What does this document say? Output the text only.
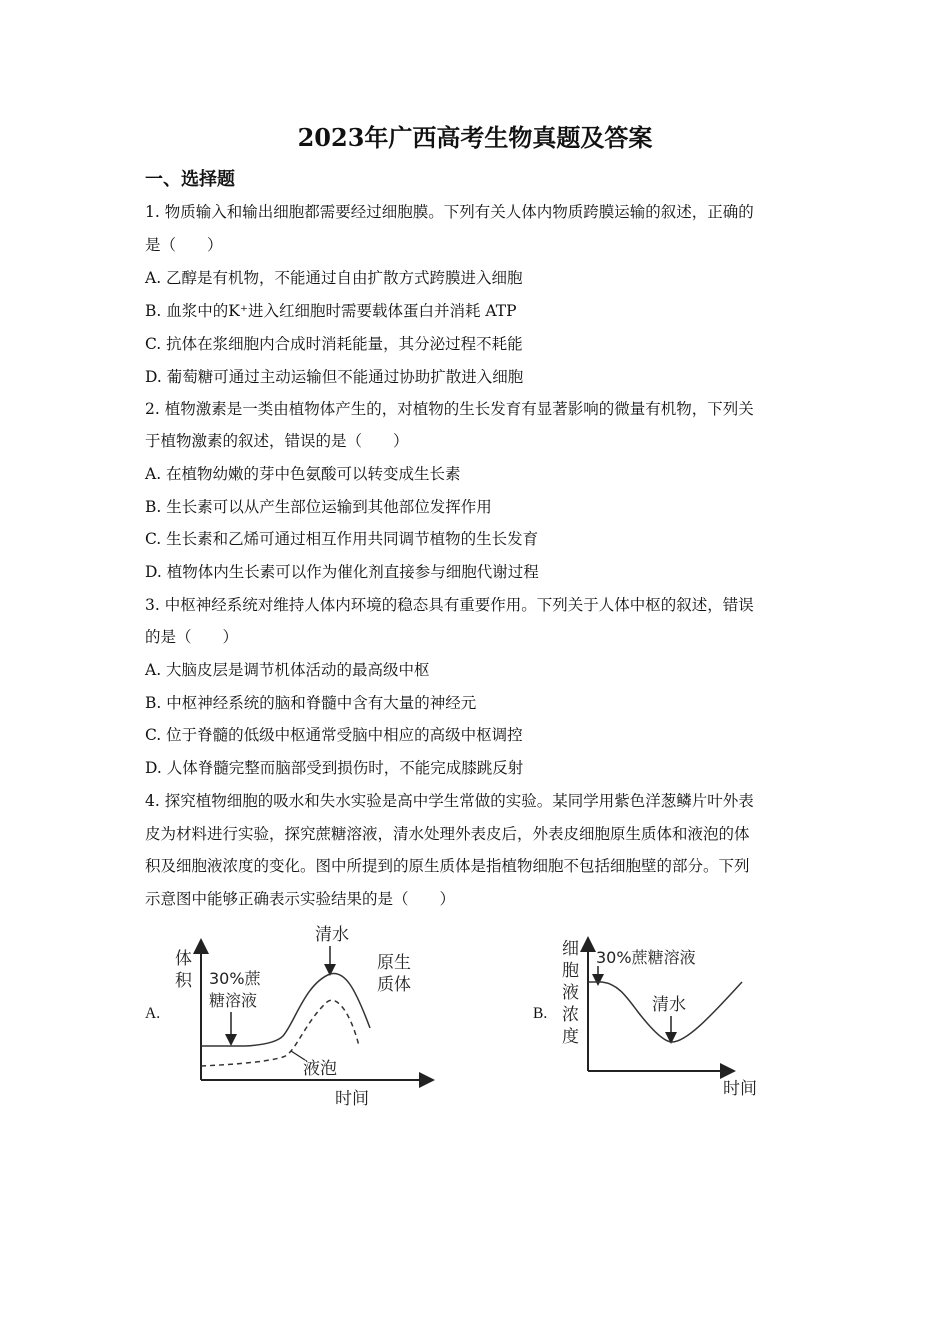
2023年广西高考生物真题及答案
一、选择题

1. 物质输入和输出细胞都需要经过细胞膜。下列有关人体内物质跨膜运输的叙述，正确的

是（　　）

A. 乙醇是有机物，不能通过自由扩散方式跨膜进入细胞

B. 血浆中的K⁺进入红细胞时需要载体蛋白并消耗 ATP

C. 抗体在浆细胞内合成时消耗能量，其分泌过程不耗能

D. 葡萄糖可通过主动运输但不能通过协助扩散进入细胞

2. 植物激素是一类由植物体产生的，对植物的生长发育有显著影响的微量有机物，下列关

于植物激素的叙述，错误的是（　　）

A. 在植物幼嫩的芽中色氨酸可以转变成生长素

B. 生长素可以从产生部位运输到其他部位发挥作用

C. 生长素和乙烯可通过相互作用共同调节植物的生长发育

D. 植物体内生长素可以作为催化剂直接参与细胞代谢过程

3. 中枢神经系统对维持人体内环境的稳态具有重要作用。下列关于人体中枢的叙述，错误

的是（　　）

A. 大脑皮层是调节机体活动的最高级中枢

B. 中枢神经系统的脑和脊髓中含有大量的神经元

C. 位于脊髓的低级中枢通常受脑中相应的高级中枢调控

D. 人体脊髓完整而脑部受到损伤时，不能完成膝跳反射

4. 探究植物细胞的吸水和失水实验是高中学生常做的实验。某同学用紫色洋葱鳞片叶外表

皮为材料进行实验，探究蔗糖溶液，清水处理外表皮后，外表皮细胞原生质体和液泡的体

积及细胞液浓度的变化。图中所提到的原生质体是指植物细胞不包括细胞壁的部分。下列

示意图中能够正确表示实验结果的是（　　）

A.
体
积
时间
30%蔗
糖溶液
清水
原生
质体
液泡
B.
细
胞
液
浓
度
时间
30%蔗糖溶液
清水
